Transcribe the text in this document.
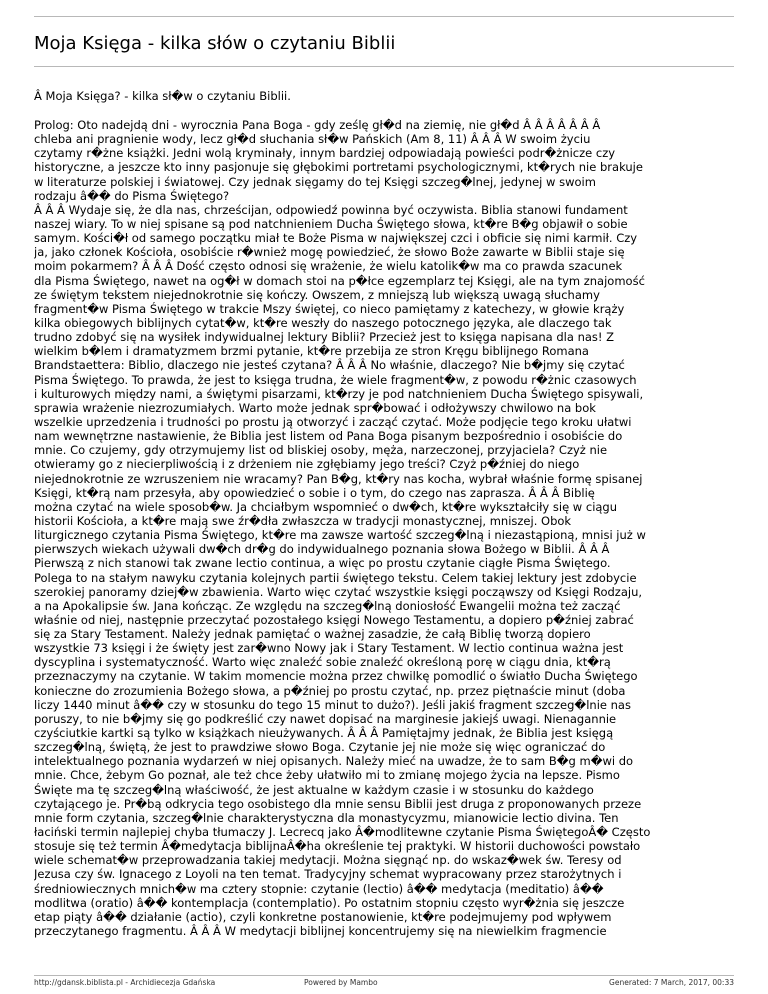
Moja Księga - kilka słów o czytaniu Biblii
Â Moja Księga? - kilka sł�w o czytaniu Biblii.
Prolog: Oto nadejdą dni - wyrocznia Pana Boga - gdy ześlę gł�d na ziemię, nie gł�d Â Â Â Â Â Â Â
chleba ani pragnienie wody, lecz gł�d słuchania sł�w Pańskich (Am 8, 11) Â Â Â W swoim życiu
czytamy r�żne książki. Jedni wolą kryminały, innym bardziej odpowiadają powieści podr�żnicze czy
historyczne, a jeszcze kto inny pasjonuje się głębokimi portretami psychologicznymi, kt�rych nie brakuje
w literaturze polskiej i światowej. Czy jednak sięgamy do tej Księgi szczeg�lnej, jedynej w swoim
rodzaju â�� do Pisma Świętego?
Â Â Â Wydaje się, że dla nas, chrześcijan, odpowiedź powinna być oczywista. Biblia stanowi fundament
naszej wiary. To w niej spisane są pod natchnieniem Ducha Świętego słowa, kt�re B�g objawił o sobie
samym. Kości�ł od samego początku miał te Boże Pisma w największej czci i obficie się nimi karmił. Czy
ja, jako członek Kościoła, osobiście r�wnież mogę powiedzieć, że słowo Boże zawarte w Biblii staje się
moim pokarmem? Â Â Â Dość często odnosi się wrażenie, że wielu katolik�w ma co prawda szacunek
dla Pisma Świętego, nawet na og�ł w domach stoi na p�łce egzemplarz tej Księgi, ale na tym znajomość
ze świętym tekstem niejednokrotnie się kończy. Owszem, z mniejszą lub większą uwagą słuchamy
fragment�w Pisma Świętego w trakcie Mszy świętej, co nieco pamiętamy z katechezy, w głowie krąży
kilka obiegowych biblijnych cytat�w, kt�re weszły do naszego potocznego języka, ale dlaczego tak
trudno zdobyć się na wysiłek indywidualnej lektury Biblii? Przecież jest to księga napisana dla nas! Z
wielkim b�lem i dramatyzmem brzmi pytanie, kt�re przebija ze stron Kręgu biblijnego Romana
Brandstaettera: Biblio, dlaczego nie jesteś czytana? Â Â Â No właśnie, dlaczego? Nie b�jmy się czytać
Pisma Świętego. To prawda, że jest to księga trudna, że wiele fragment�w, z powodu r�żnic czasowych
i kulturowych między nami, a świętymi pisarzami, kt�rzy je pod natchnieniem Ducha Świętego spisywali,
sprawia wrażenie niezrozumiałych. Warto może jednak spr�bować i odłożywszy chwilowo na bok
wszelkie uprzedzenia i trudności po prostu ją otworzyć i zacząć czytać. Może podjęcie tego kroku ułatwi
nam wewnętrzne nastawienie, że Biblia jest listem od Pana Boga pisanym bezpośrednio i osobiście do
mnie. Co czujemy, gdy otrzymujemy list od bliskiej osoby, męża, narzeczonej, przyjaciela? Czyż nie
otwieramy go z niecierpliwością i z drżeniem nie zgłębiamy jego treści? Czyż p�źniej do niego
niejednokrotnie ze wzruszeniem nie wracamy? Pan B�g, kt�ry nas kocha, wybrał właśnie formę spisanej
Księgi, kt�rą nam przesyła, aby opowiedzieć o sobie i o tym, do czego nas zaprasza. Â Â Â Biblię
można czytać na wiele sposob�w. Ja chciałbym wspomnieć o dw�ch, kt�re wykształciły się w ciągu
historii Kościoła, a kt�re mają swe źr�dła zwłaszcza w tradycji monastycznej, mniszej. Obok
liturgicznego czytania Pisma Świętego, kt�re ma zawsze wartość szczeg�lną i niezastąpioną, mnisi już w
pierwszych wiekach używali dw�ch dr�g do indywidualnego poznania słowa Bożego w Biblii. Â Â Â
Pierwszą z nich stanowi tak zwane lectio continua, a więc po prostu czytanie ciągłe Pisma Świętego.
Polega to na stałym nawyku czytania kolejnych partii świętego tekstu. Celem takiej lektury jest zdobycie
szerokiej panoramy dziej�w zbawienia. Warto więc czytać wszystkie księgi począwszy od Księgi Rodzaju,
a na Apokalipsie św. Jana kończąc. Ze względu na szczeg�lną doniosłość Ewangelii można też zacząć
właśnie od niej, następnie przeczytać pozostałego księgi Nowego Testamentu, a dopiero p�źniej zabrać
się za Stary Testament. Należy jednak pamiętać o ważnej zasadzie, że całą Biblię tworzą dopiero
wszystkie 73 księgi i że święty jest zar�wno Nowy jak i Stary Testament. W lectio continua ważna jest
dyscyplina i systematyczność. Warto więc znaleźć sobie znaleźć określoną porę w ciągu dnia, kt�rą
przeznaczymy na czytanie. W takim momencie można przez chwilkę pomodlić o światło Ducha Świętego
konieczne do zrozumienia Bożego słowa, a p�źniej po prostu czytać, np. przez piętnaście minut (doba
liczy 1440 minut â�� czy w stosunku do tego 15 minut to dużo?). Jeśli jakiś fragment szczeg�lnie nas
poruszy, to nie b�jmy się go podkreślić czy nawet dopisać na marginesie jakiejś uwagi. Nienagannie
czyściutkie kartki są tylko w książkach nieużywanych. Â Â Â Pamiętajmy jednak, że Biblia jest księgą
szczeg�lną, świętą, że jest to prawdziwe słowo Boga. Czytanie jej nie może się więc ograniczać do
intelektualnego poznania wydarzeń w niej opisanych. Należy mieć na uwadze, że to sam B�g m�wi do
mnie. Chce, żebym Go poznał, ale też chce żeby ułatwiło mi to zmianę mojego życia na lepsze. Pismo
Święte ma tę szczeg�lną właściwość, że jest aktualne w każdym czasie i w stosunku do każdego
czytającego je. Pr�bą odkrycia tego osobistego dla mnie sensu Biblii jest druga z proponowanych przeze
mnie form czytania, szczeg�lnie charakterystyczna dla monastycyzmu, mianowicie lectio divina. Ten
łaciński termin najlepiej chyba tłumaczy J. Lecrecq jako Â�modlitewne czytanie Pisma ŚwiętegoÂ� Często
stosuje się też termin Â�medytacja biblijnaÂ�ha określenie tej praktyki. W historii duchowości powstało
wiele schemat�w przeprowadzania takiej medytacji. Można sięgnąć np. do wskaz�wek św. Teresy od
Jezusa czy św. Ignacego z Loyoli na ten temat. Tradycyjny schemat wypracowany przez starożytnych i
średniowiecznych mnich�w ma cztery stopnie: czytanie (lectio) â�� medytacja (meditatio) â��
modlitwa (oratio) â�� kontemplacja (contemplatio). Po ostatnim stopniu często wyr�żnia się jeszcze
etap piąty â�� działanie (actio), czyli konkretne postanowienie, kt�re podejmujemy pod wpływem
przeczytanego fragmentu. Â Â Â W medytacji biblijnej koncentrujemy się na niewielkim fragmencie
http://gdansk.biblista.pl - Archidiecezja Gdańska	Powered by Mambo	Generated: 7 March, 2017, 00:33
